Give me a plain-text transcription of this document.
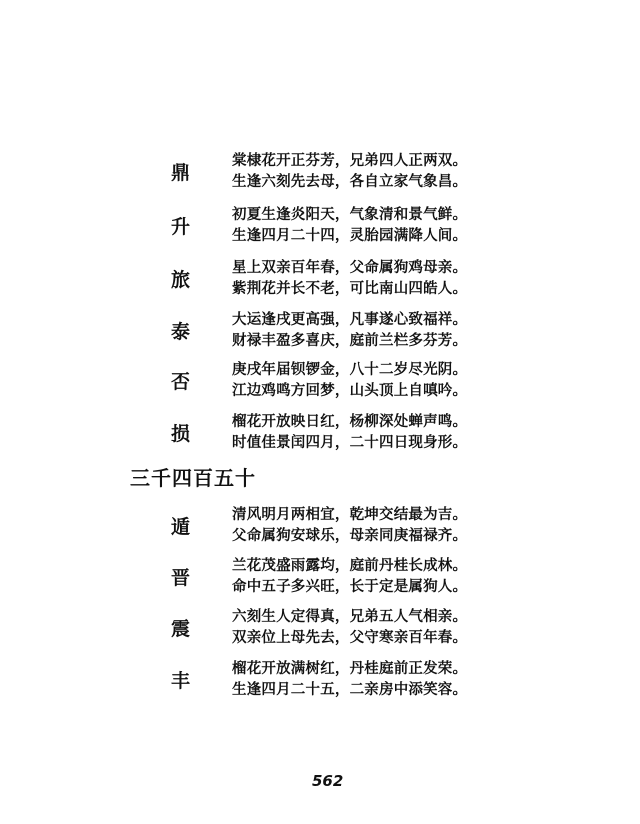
鼎
棠棣花开正芬芳，兄弟四人正两双。
生逢六刻先去母，各自立家气象昌。
升
初夏生逢炎阳天，气象清和景气鲜。
生逢四月二十四，灵胎园满降人间。
旅
星上双亲百年春，父命属狗鸡母亲。
紫荆花并长不老，可比南山四皓人。
泰
大运逢戌更高强，凡事遂心致福祥。
财禄丰盈多喜庆，庭前兰栏多芬芳。
否
庚戌年届钡锣金，八十二岁尽光阴。
江边鸡鸣方回梦，山头顶上自嗔吟。
损
榴花开放映日红，杨柳深处蝉声鸣。
时值佳景闰四月，二十四日现身形。
三千四百五十
遁
清风明月两相宜，乾坤交结最为吉。
父命属狗安球乐，母亲同庚福禄齐。
晋
兰花茂盛雨露均，庭前丹桂长成林。
命中五子多兴旺，长于定是属狗人。
震
六刻生人定得真，兄弟五人气相亲。
双亲位上母先去，父守寒亲百年春。
丰
榴花开放满树红，丹桂庭前正发荣。
生逢四月二十五，二亲房中添笑容。
562
